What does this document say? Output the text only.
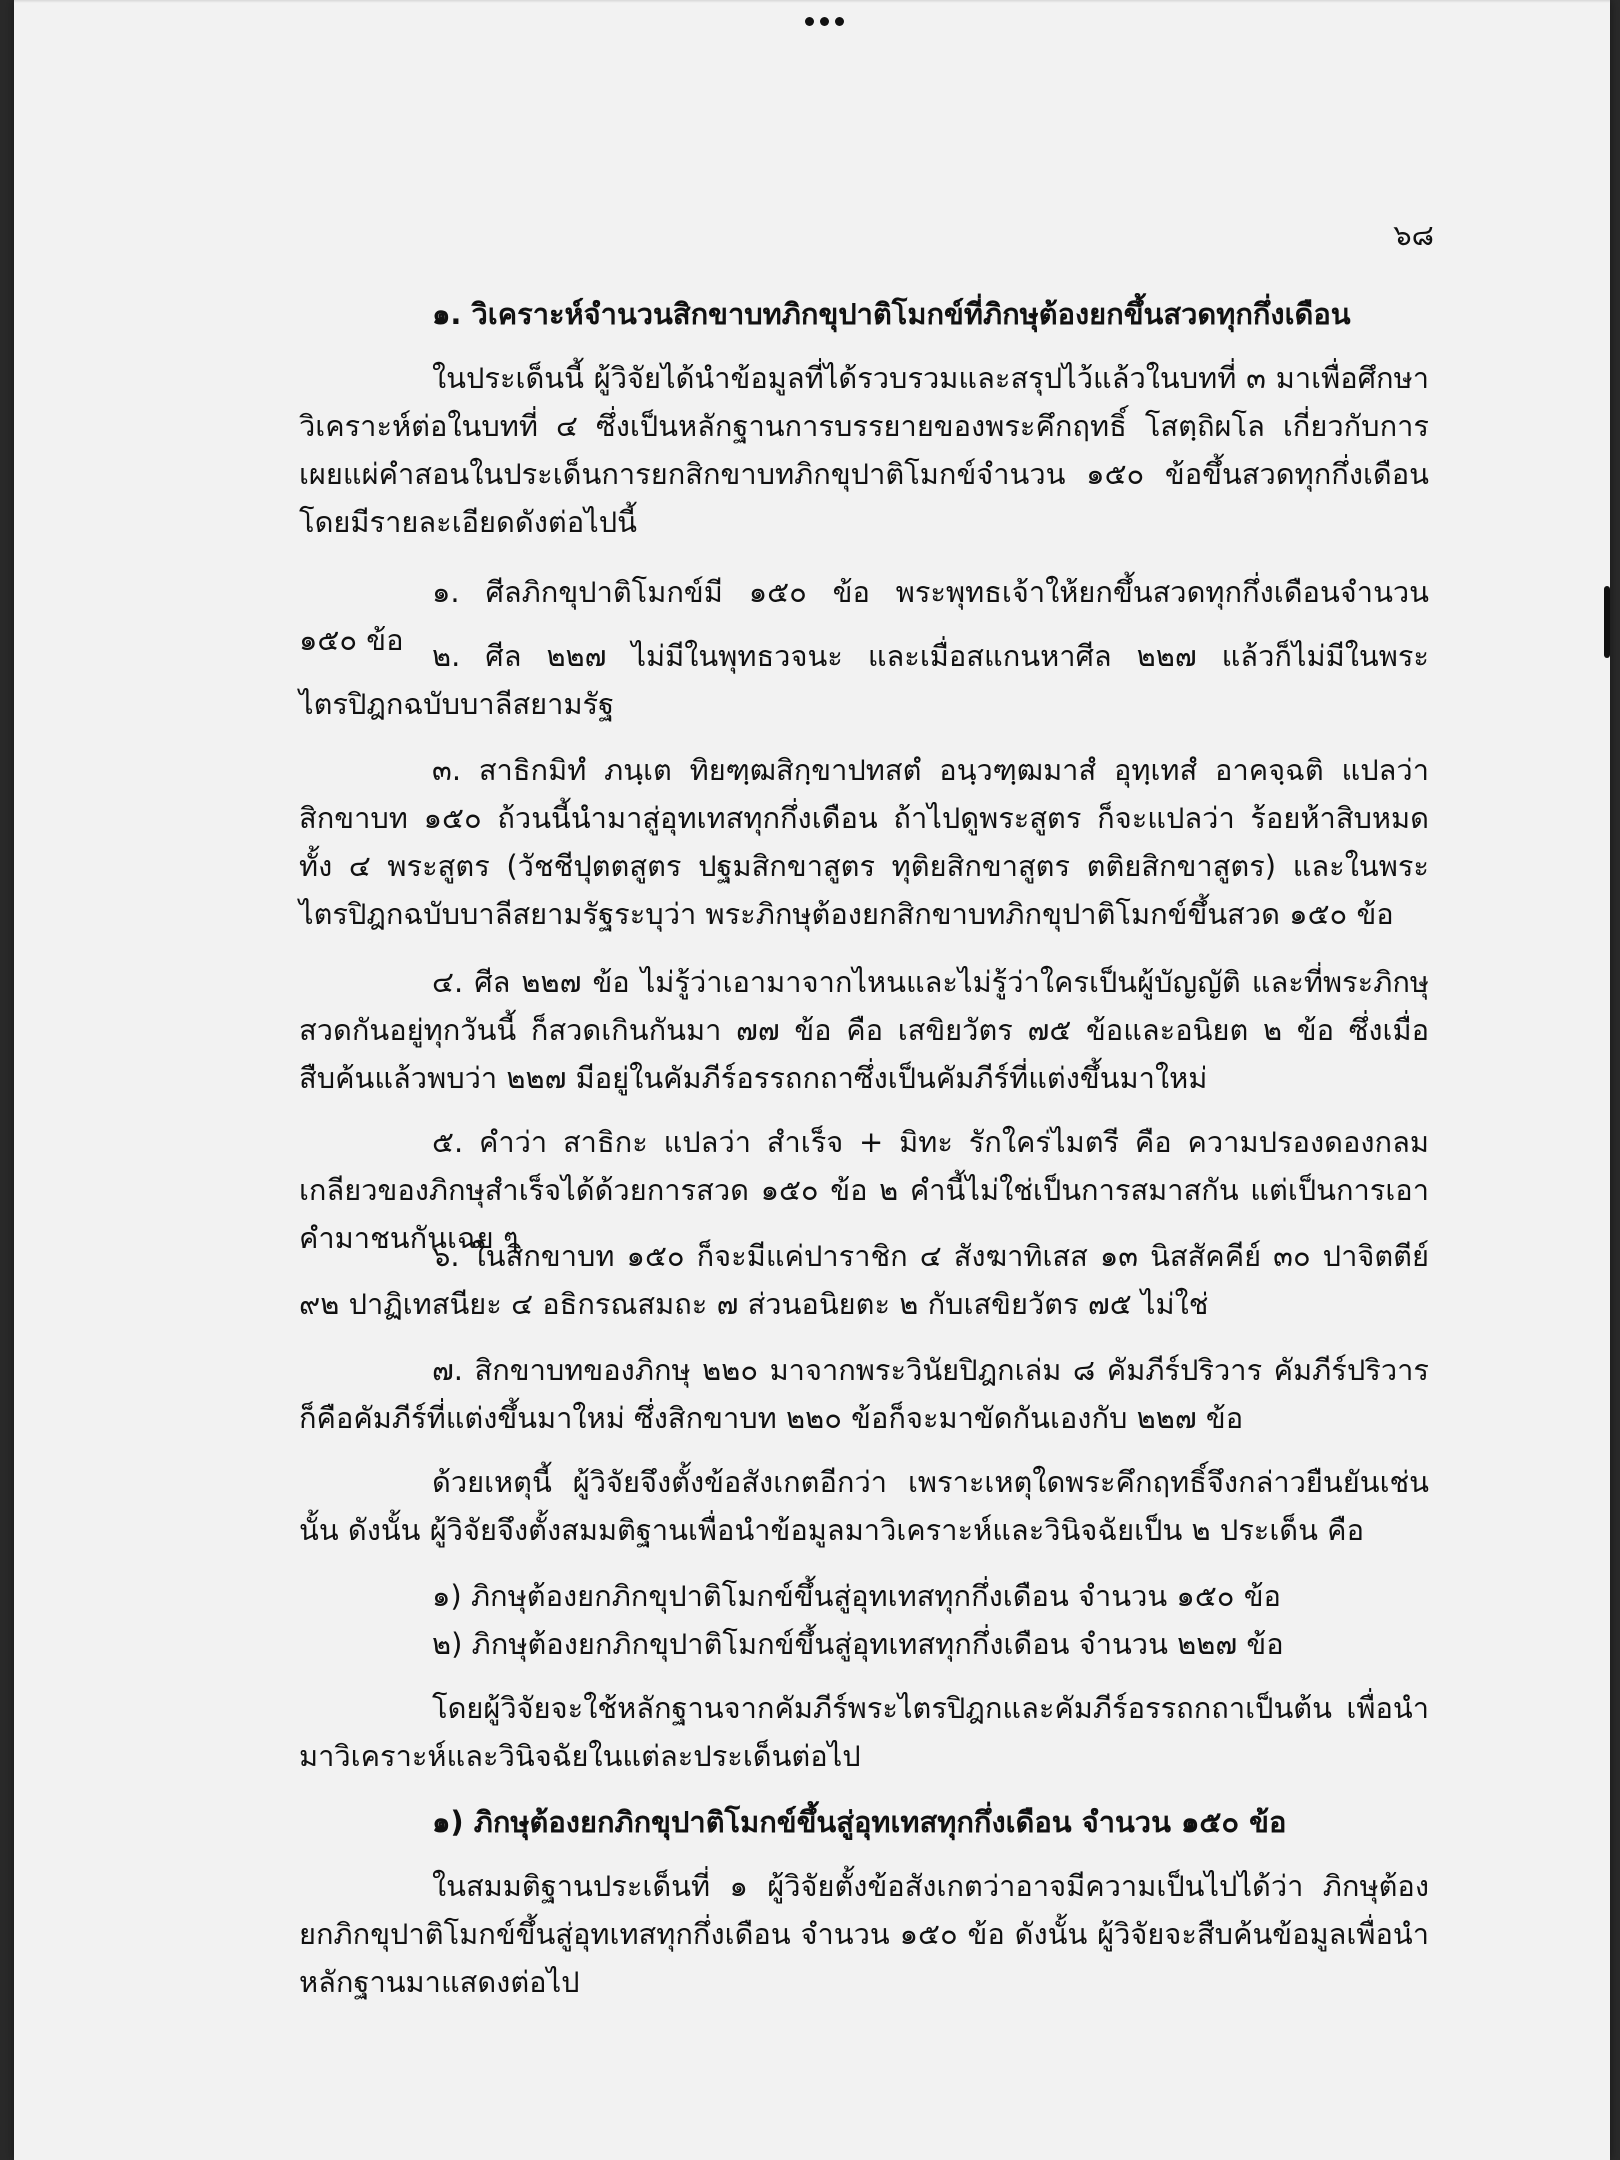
๖๘
๑. วิเคราะห์จำนวนสิกขาบทภิกขุปาติโมกข์ที่ภิกษุต้องยกขึ้นสวดทุกกึ่งเดือน

ในประเด็นนี้ ผู้วิจัยได้นำข้อมูลที่ได้รวบรวมและสรุปไว้แล้วในบทที่ ๓ มาเพื่อศึกษาวิเคราะห์ต่อในบทที่ ๔ ซึ่งเป็นหลักฐานการบรรยายของพระคึกฤทธิ์ โสตฺถิผโล เกี่ยวกับการเผยแผ่คำสอนในประเด็นการยกสิกขาบทภิกขุปาติโมกข์จำนวน ๑๕๐ ข้อขึ้นสวดทุกกึ่งเดือน โดยมีรายละเอียดดังต่อไปนี้

๑. ศีลภิกขุปาติโมกข์มี ๑๕๐ ข้อ พระพุทธเจ้าให้ยกขึ้นสวดทุกกึ่งเดือนจำนวน ๑๕๐ ข้อ ๒. ศีล ๒๒๗ ไม่มีในพุทธวจนะ และเมื่อสแกนหาศีล ๒๒๗ แล้วก็ไม่มีในพระไตรปิฎกฉบับบาลีสยามรัฐ

๓. สาธิกมิทํ ภนฺเต ทิยฑฺฒสิกฺขาปทสตํ อนฺวฑฺฒมาสํ อุทฺเทสํ อาคจฺฉติ แปลว่า สิกขาบท ๑๕๐ ถ้วนนี้นำมาสู่อุทเทสทุกกึ่งเดือน ถ้าไปดูพระสูตร ก็จะแปลว่า ร้อยห้าสิบหมดทั้ง ๔ พระสูตร (วัชชีปุตตสูตร ปฐมสิกขาสูตร ทุติยสิกขาสูตร ตติยสิกขาสูตร) และในพระไตรปิฎกฉบับบาลีสยามรัฐระบุว่า พระภิกษุต้องยกสิกขาบทภิกขุปาติโมกข์ขึ้นสวด ๑๕๐ ข้อ

๔. ศีล ๒๒๗ ข้อ ไม่รู้ว่าเอามาจากไหนและไม่รู้ว่าใครเป็นผู้บัญญัติ และที่พระภิกษุสวดกันอยู่ทุกวันนี้ ก็สวดเกินกันมา ๗๗ ข้อ คือ เสขิยวัตร ๗๕ ข้อและอนิยต ๒ ข้อ ซึ่งเมื่อสืบค้นแล้วพบว่า ๒๒๗ มีอยู่ในคัมภีร์อรรถกถาซึ่งเป็นคัมภีร์ที่แต่งขึ้นมาใหม่

๕. คำว่า สาธิกะ แปลว่า สำเร็จ + มิทะ รักใคร่ไมตรี คือ ความปรองดองกลมเกลียวของภิกษุสำเร็จได้ด้วยการสวด ๑๕๐ ข้อ ๒ คำนี้ไม่ใช่เป็นการสมาสกัน แต่เป็นการเอาคำมาชนกันเฉย ๆ

๖. ในสิกขาบท ๑๕๐ ก็จะมีแค่ปาราชิก ๔ สังฆาทิเสส ๑๓ นิสสัคคีย์ ๓๐ ปาจิตตีย์ ๙๒ ปาฏิเทสนียะ ๔ อธิกรณสมถะ ๗ ส่วนอนิยตะ ๒ กับเสขิยวัตร ๗๕ ไม่ใช่

๗. สิกขาบทของภิกษุ ๒๒๐ มาจากพระวินัยปิฎกเล่ม ๘ คัมภีร์ปริวาร คัมภีร์ปริวารก็คือคัมภีร์ที่แต่งขึ้นมาใหม่ ซึ่งสิกขาบท ๒๒๐ ข้อก็จะมาขัดกันเองกับ ๒๒๗ ข้อ

ด้วยเหตุนี้ ผู้วิจัยจึงตั้งข้อสังเกตอีกว่า เพราะเหตุใดพระคึกฤทธิ์จึงกล่าวยืนยันเช่นนั้น ดังนั้น ผู้วิจัยจึงตั้งสมมติฐานเพื่อนำข้อมูลมาวิเคราะห์และวินิจฉัยเป็น ๒ ประเด็น คือ

๑) ภิกษุต้องยกภิกขุปาติโมกข์ขึ้นสู่อุทเทสทุกกึ่งเดือน จำนวน ๑๕๐ ข้อ
๒) ภิกษุต้องยกภิกขุปาติโมกข์ขึ้นสู่อุทเทสทุกกึ่งเดือน จำนวน ๒๒๗ ข้อ

โดยผู้วิจัยจะใช้หลักฐานจากคัมภีร์พระไตรปิฎกและคัมภีร์อรรถกถาเป็นต้น เพื่อนำมาวิเคราะห์และวินิจฉัยในแต่ละประเด็นต่อไป

๑) ภิกษุต้องยกภิกขุปาติโมกข์ขึ้นสู่อุทเทสทุกกึ่งเดือน จำนวน ๑๕๐ ข้อ

ในสมมติฐานประเด็นที่ ๑ ผู้วิจัยตั้งข้อสังเกตว่าอาจมีความเป็นไปได้ว่า ภิกษุต้องยกภิกขุปาติโมกข์ขึ้นสู่อุทเทสทุกกึ่งเดือน จำนวน ๑๕๐ ข้อ ดังนั้น ผู้วิจัยจะสืบค้นข้อมูลเพื่อนำหลักฐานมาแสดงต่อไป
